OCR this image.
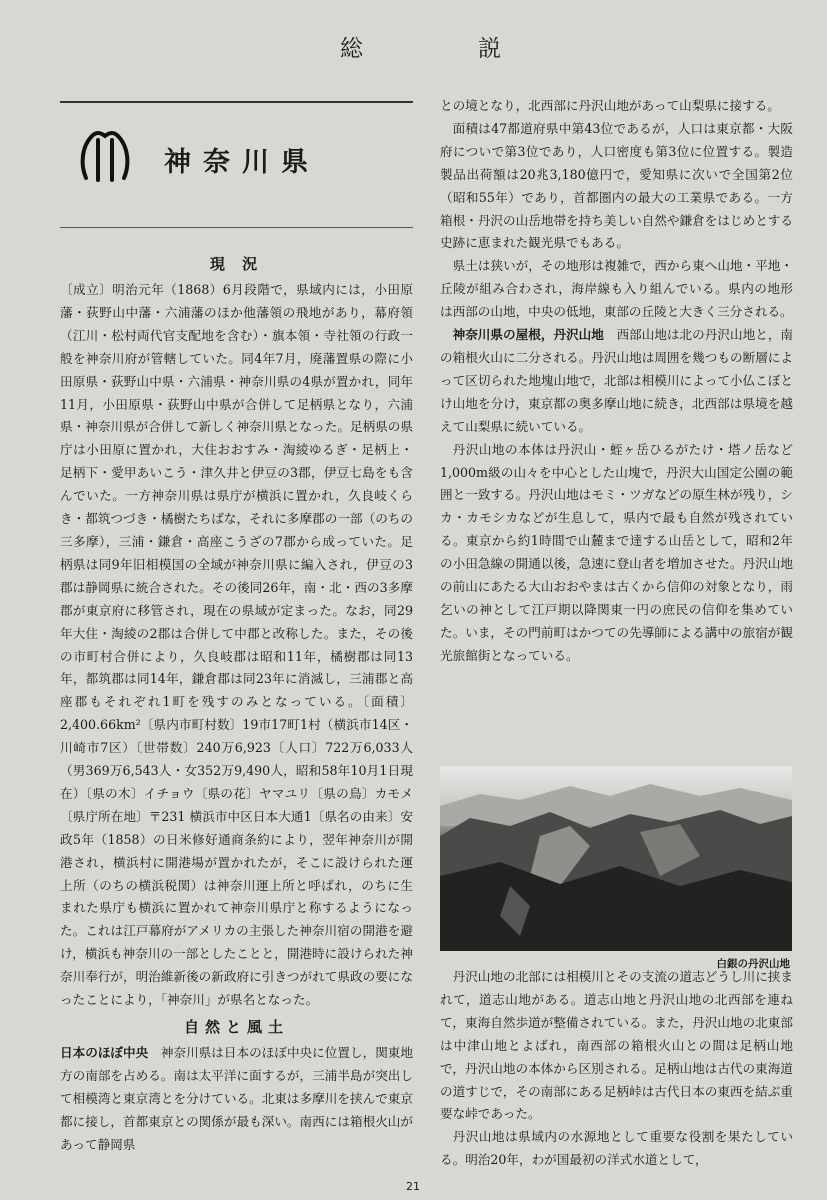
総	説
神奈川県
現 況

〔成立〕明治元年（1868）6月段階で，県域内には，小田原藩・荻野山中藩・六浦藩のほか他藩領の飛地があり，幕府領（江川・松村両代官支配地を含む）・旗本領・寺社領の行政一般を神奈川府が管轄していた。同4年7月，廃藩置県の際に小田原県・荻野山中県・六浦県・神奈川県の4県が置かれ，同年11月，小田原県・荻野山中県が合併して足柄県となり，六浦県・神奈川県が合併して新しく神奈川県となった。足柄県の県庁は小田原に置かれ，大住おおすみ・淘綾ゆるぎ・足柄上・足柄下・愛甲あいこう・津久井と伊豆の3郡，伊豆七島をも含んでいた。一方神奈川県は県庁が横浜に置かれ，久良岐くらき・都筑つづき・橘樹たちばな，それに多摩郡の一部（のちの三多摩），三浦・鎌倉・高座こうざの7郡から成っていた。足柄県は同9年旧相模国の全域が神奈川県に編入され，伊豆の3郡は静岡県に統合された。その後同26年，南・北・西の3多摩郡が東京府に移管され，現在の県域が定まった。なお，同29年大住・淘綾の2郡は合併して中郡と改称した。また，その後の市町村合併により，久良岐郡は昭和11年，橘樹郡は同13年，都筑郡は同14年，鎌倉郡は同23年に消滅し，三浦郡と高座郡もそれぞれ1町を残すのみとなっている。〔面積〕2,400.66km²〔県内市町村数〕19市17町1村（横浜市14区・川崎市7区）〔世帯数〕240万6,923〔人口〕722万6,033人（男369万6,543人・女352万9,490人，昭和58年10月1日現在）〔県の木〕イチョウ〔県の花〕ヤマユリ〔県の鳥〕カモメ〔県庁所在地〕〒231 横浜市中区日本大通1〔県名の由来〕安政5年（1858）の日米修好通商条約により，翌年神奈川が開港され，横浜村に開港場が置かれたが，そこに設けられた運上所（のちの横浜税関）は神奈川運上所と呼ばれ，のちに生まれた県庁も横浜に置かれて神奈川県庁と称するようになった。これは江戸幕府がアメリカの主張した神奈川宿の開港を避け，横浜も神奈川の一部としたことと，開港時に設けられた神奈川奉行が，明治維新後の新政府に引きつがれて県政の要になったことにより，「神奈川」が県名となった。

自然と風土

日本のほぼ中央　 神奈川県は日本のほぼ中央に位置し，関東地方の南部を占める。南は太平洋に面するが，三浦半島が突出して相模湾と東京湾とを分けている。北東は多摩川を挟んで東京都に接し，首都東京との関係が最も深い。南西には箱根火山があって静岡県

との境となり，北西部に丹沢山地があって山梨県に接する。

面積は47都道府県中第43位であるが，人口は東京都・大阪府についで第3位であり，人口密度も第3位に位置する。製造製品出荷額は20兆3,180億円で，愛知県に次いで全国第2位（昭和55年）であり，首都圏内の最大の工業県である。一方箱根・丹沢の山岳地帯を持ち美しい自然や鎌倉をはじめとする史跡に恵まれた観光県でもある。

県土は狭いが，その地形は複雑で，西から東へ山地・平地・丘陵が組み合わされ，海岸線も入り組んでいる。県内の地形は西部の山地，中央の低地，東部の丘陵と大きく三分される。

神奈川県の屋根，丹沢山地　 西部山地は北の丹沢山地と，南の箱根火山に二分される。丹沢山地は周囲を幾つもの断層によって区切られた地塊山地で，北部は相模川によって小仏こぼとけ山地を分け，東京都の奥多摩山地に続き，北西部は県境を越えて山梨県に続いている。

丹沢山地の本体は丹沢山・蛭ヶ岳ひるがたけ・塔ノ岳など1,000m級の山々を中心とした山塊で，丹沢大山国定公園の範囲と一致する。丹沢山地はモミ・ツガなどの原生林が残り，シカ・カモシカなどが生息して，県内で最も自然が残されている。東京から約1時間で山麓まで達する山岳として，昭和2年の小田急線の開通以後，急速に登山者を増加させた。丹沢山地の前山にあたる大山おおやまは古くから信仰の対象となり，雨乞いの神として江戸期以降関東一円の庶民の信仰を集めていた。いま，その門前町はかつての先導師による講中の旅宿が観光旅館街となっている。

白銀の丹沢山地

丹沢山地の北部には相模川とその支流の道志どうし川に挟まれて，道志山地がある。道志山地と丹沢山地の北西部を連ねて，東海自然歩道が整備されている。また，丹沢山地の北東部は中津山地とよばれ，南西部の箱根火山との間は足柄山地で，丹沢山地の本体から区別される。足柄山地は古代の東海道の道すじで，その南部にある足柄峠は古代日本の東西を結ぶ重要な峠であった。

丹沢山地は県域内の水源地として重要な役割を果たしている。明治20年，わが国最初の洋式水道として，

21
